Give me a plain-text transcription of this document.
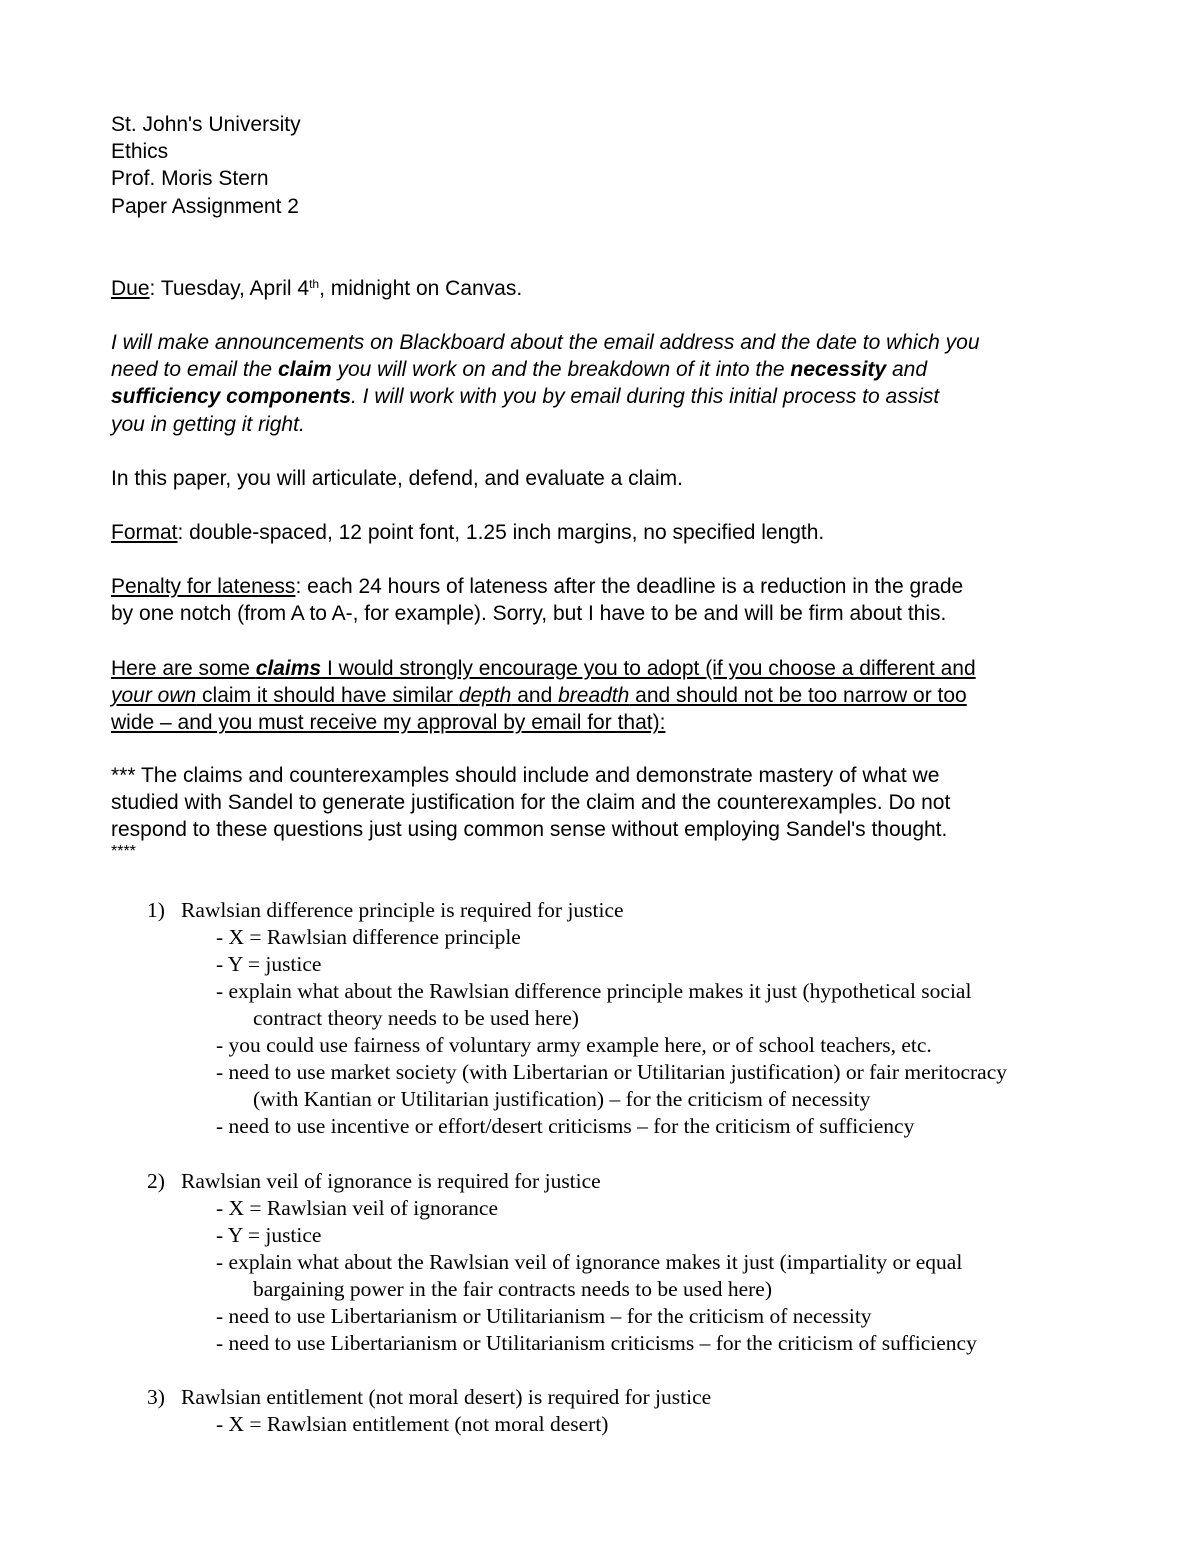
St. John's University
Ethics
Prof. Moris Stern
Paper Assignment 2
Due: Tuesday, April 4th, midnight on Canvas.
I will make announcements on Blackboard about the email address and the date to which you
need to email the claim you will work on and the breakdown of it into the necessity and
sufficiency components. I will work with you by email during this initial process to assist
you in getting it right.
In this paper, you will articulate, defend, and evaluate a claim.
Format: double-spaced, 12 point font, 1.25 inch margins, no specified length.
Penalty for lateness: each 24 hours of lateness after the deadline is a reduction in the grade
by one notch (from A to A-, for example). Sorry, but I have to be and will be firm about this.
Here are some claims I would strongly encourage you to adopt (if you choose a different and
your own claim it should have similar depth and breadth and should not be too narrow or too
wide – and you must receive my approval by email for that):
*** The claims and counterexamples should include and demonstrate mastery of what we
studied with Sandel to generate justification for the claim and the counterexamples. Do not
respond to these questions just using common sense without employing Sandel's thought.
****
1) Rawlsian difference principle is required for justice
- X = Rawlsian difference principle
- Y = justice
- explain what about the Rawlsian difference principle makes it just (hypothetical social
contract theory needs to be used here)
- you could use fairness of voluntary army example here, or of school teachers, etc.
- need to use market society (with Libertarian or Utilitarian justification) or fair meritocracy
(with Kantian or Utilitarian justification) – for the criticism of necessity
- need to use incentive or effort/desert criticisms – for the criticism of sufficiency
2) Rawlsian veil of ignorance is required for justice
- X = Rawlsian veil of ignorance
- Y = justice
- explain what about the Rawlsian veil of ignorance makes it just (impartiality or equal
bargaining power in the fair contracts needs to be used here)
- need to use Libertarianism or Utilitarianism – for the criticism of necessity
- need to use Libertarianism or Utilitarianism criticisms – for the criticism of sufficiency
3) Rawlsian entitlement (not moral desert) is required for justice
- X = Rawlsian entitlement (not moral desert)
